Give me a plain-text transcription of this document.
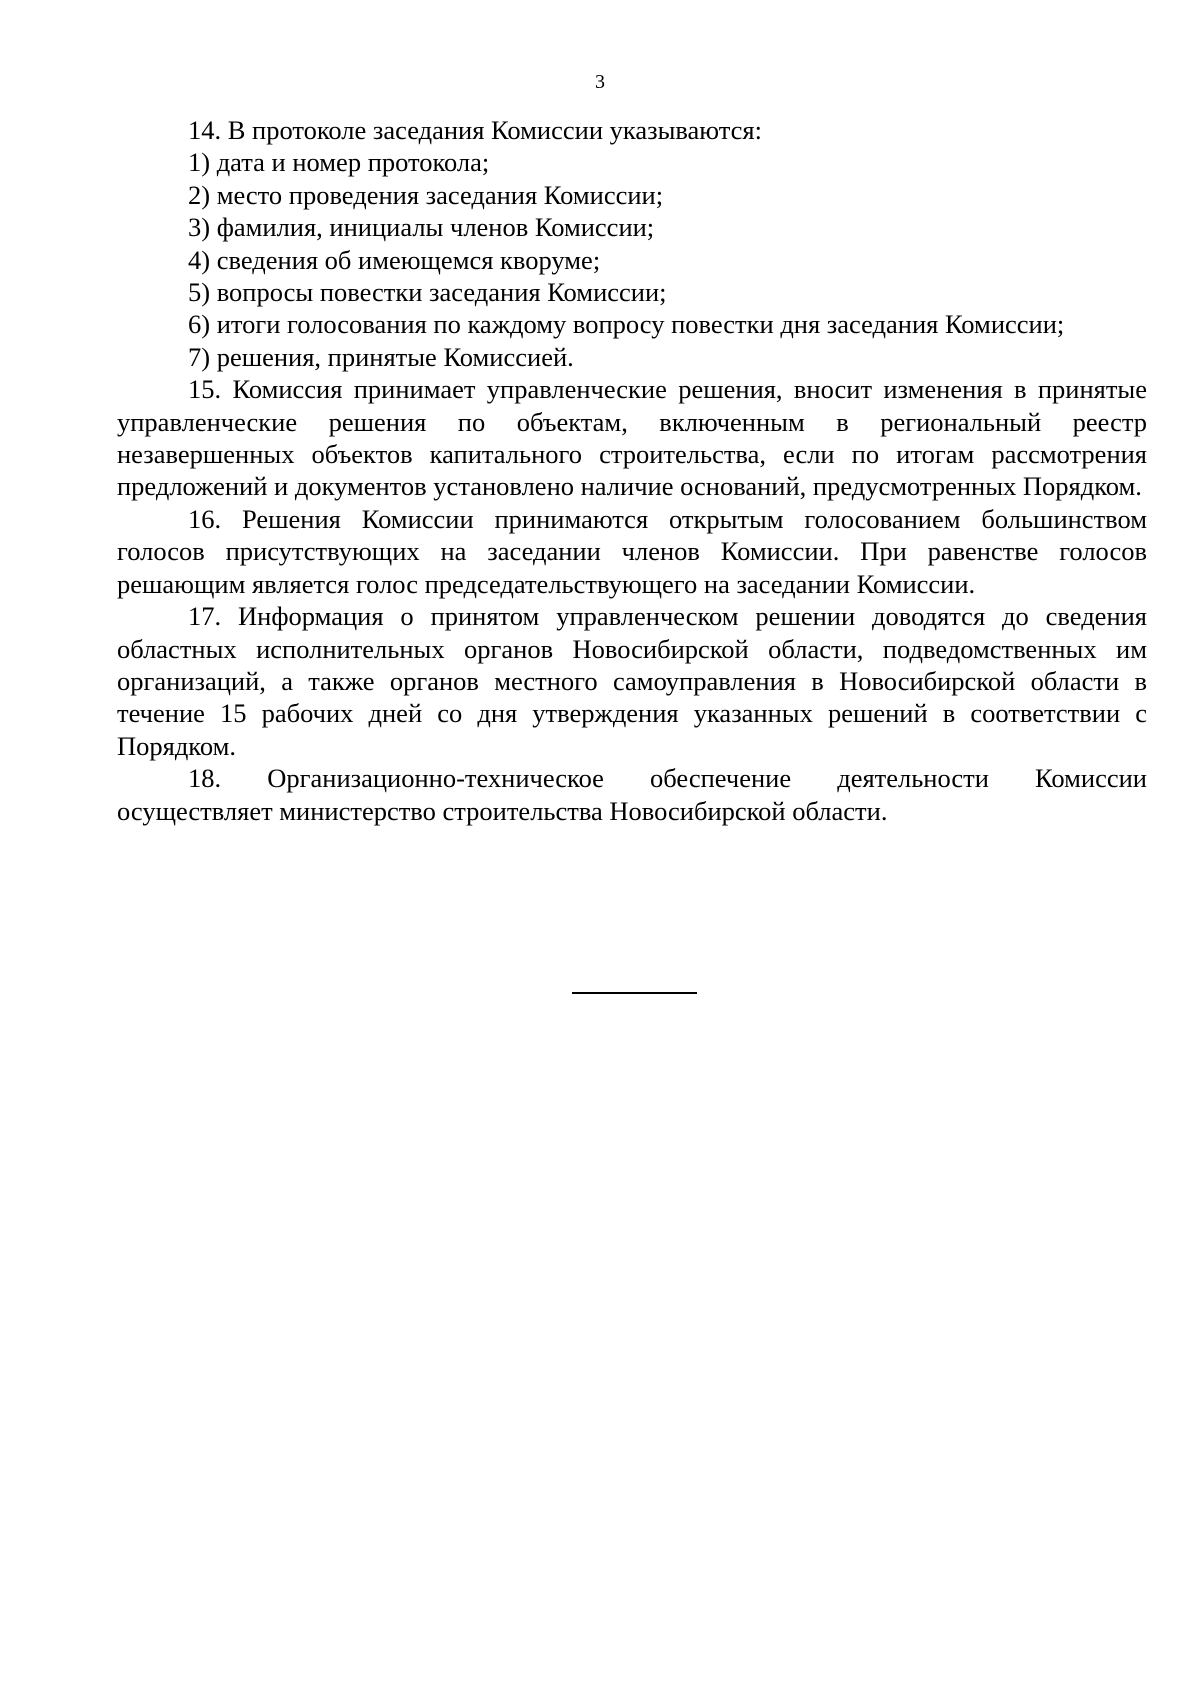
3

14. В протоколе заседания Комиссии указываются:

1) дата и номер протокола;

2) место проведения заседания Комиссии;

3) фамилия, инициалы членов Комиссии;

4) сведения об имеющемся кворуме;

5) вопросы повестки заседания Комиссии;

6) итоги голосования по каждому вопросу повестки дня заседания Комиссии;

7) решения, принятые Комиссией.

15. Комиссия принимает управленческие решения, вносит изменения в принятые управленческие решения по объектам, включенным в региональный реестр незавершенных объектов капитального строительства, если по итогам рассмотрения предложений и документов установлено наличие оснований, предусмотренных Порядком.

16. Решения Комиссии принимаются открытым голосованием большинством голосов присутствующих на заседании членов Комиссии. При равенстве голосов решающим является голос председательствующего на заседании Комиссии.

17. Информация о принятом управленческом решении доводятся до сведения областных исполнительных органов Новосибирской области, подведомственных им организаций, а также органов местного самоуправления в Новосибирской области в течение 15 рабочих дней со дня утверждения указанных решений в соответствии с Порядком.

18. Организационно-техническое обеспечение деятельности Комиссии осуществляет министерство строительства Новосибирской области.
